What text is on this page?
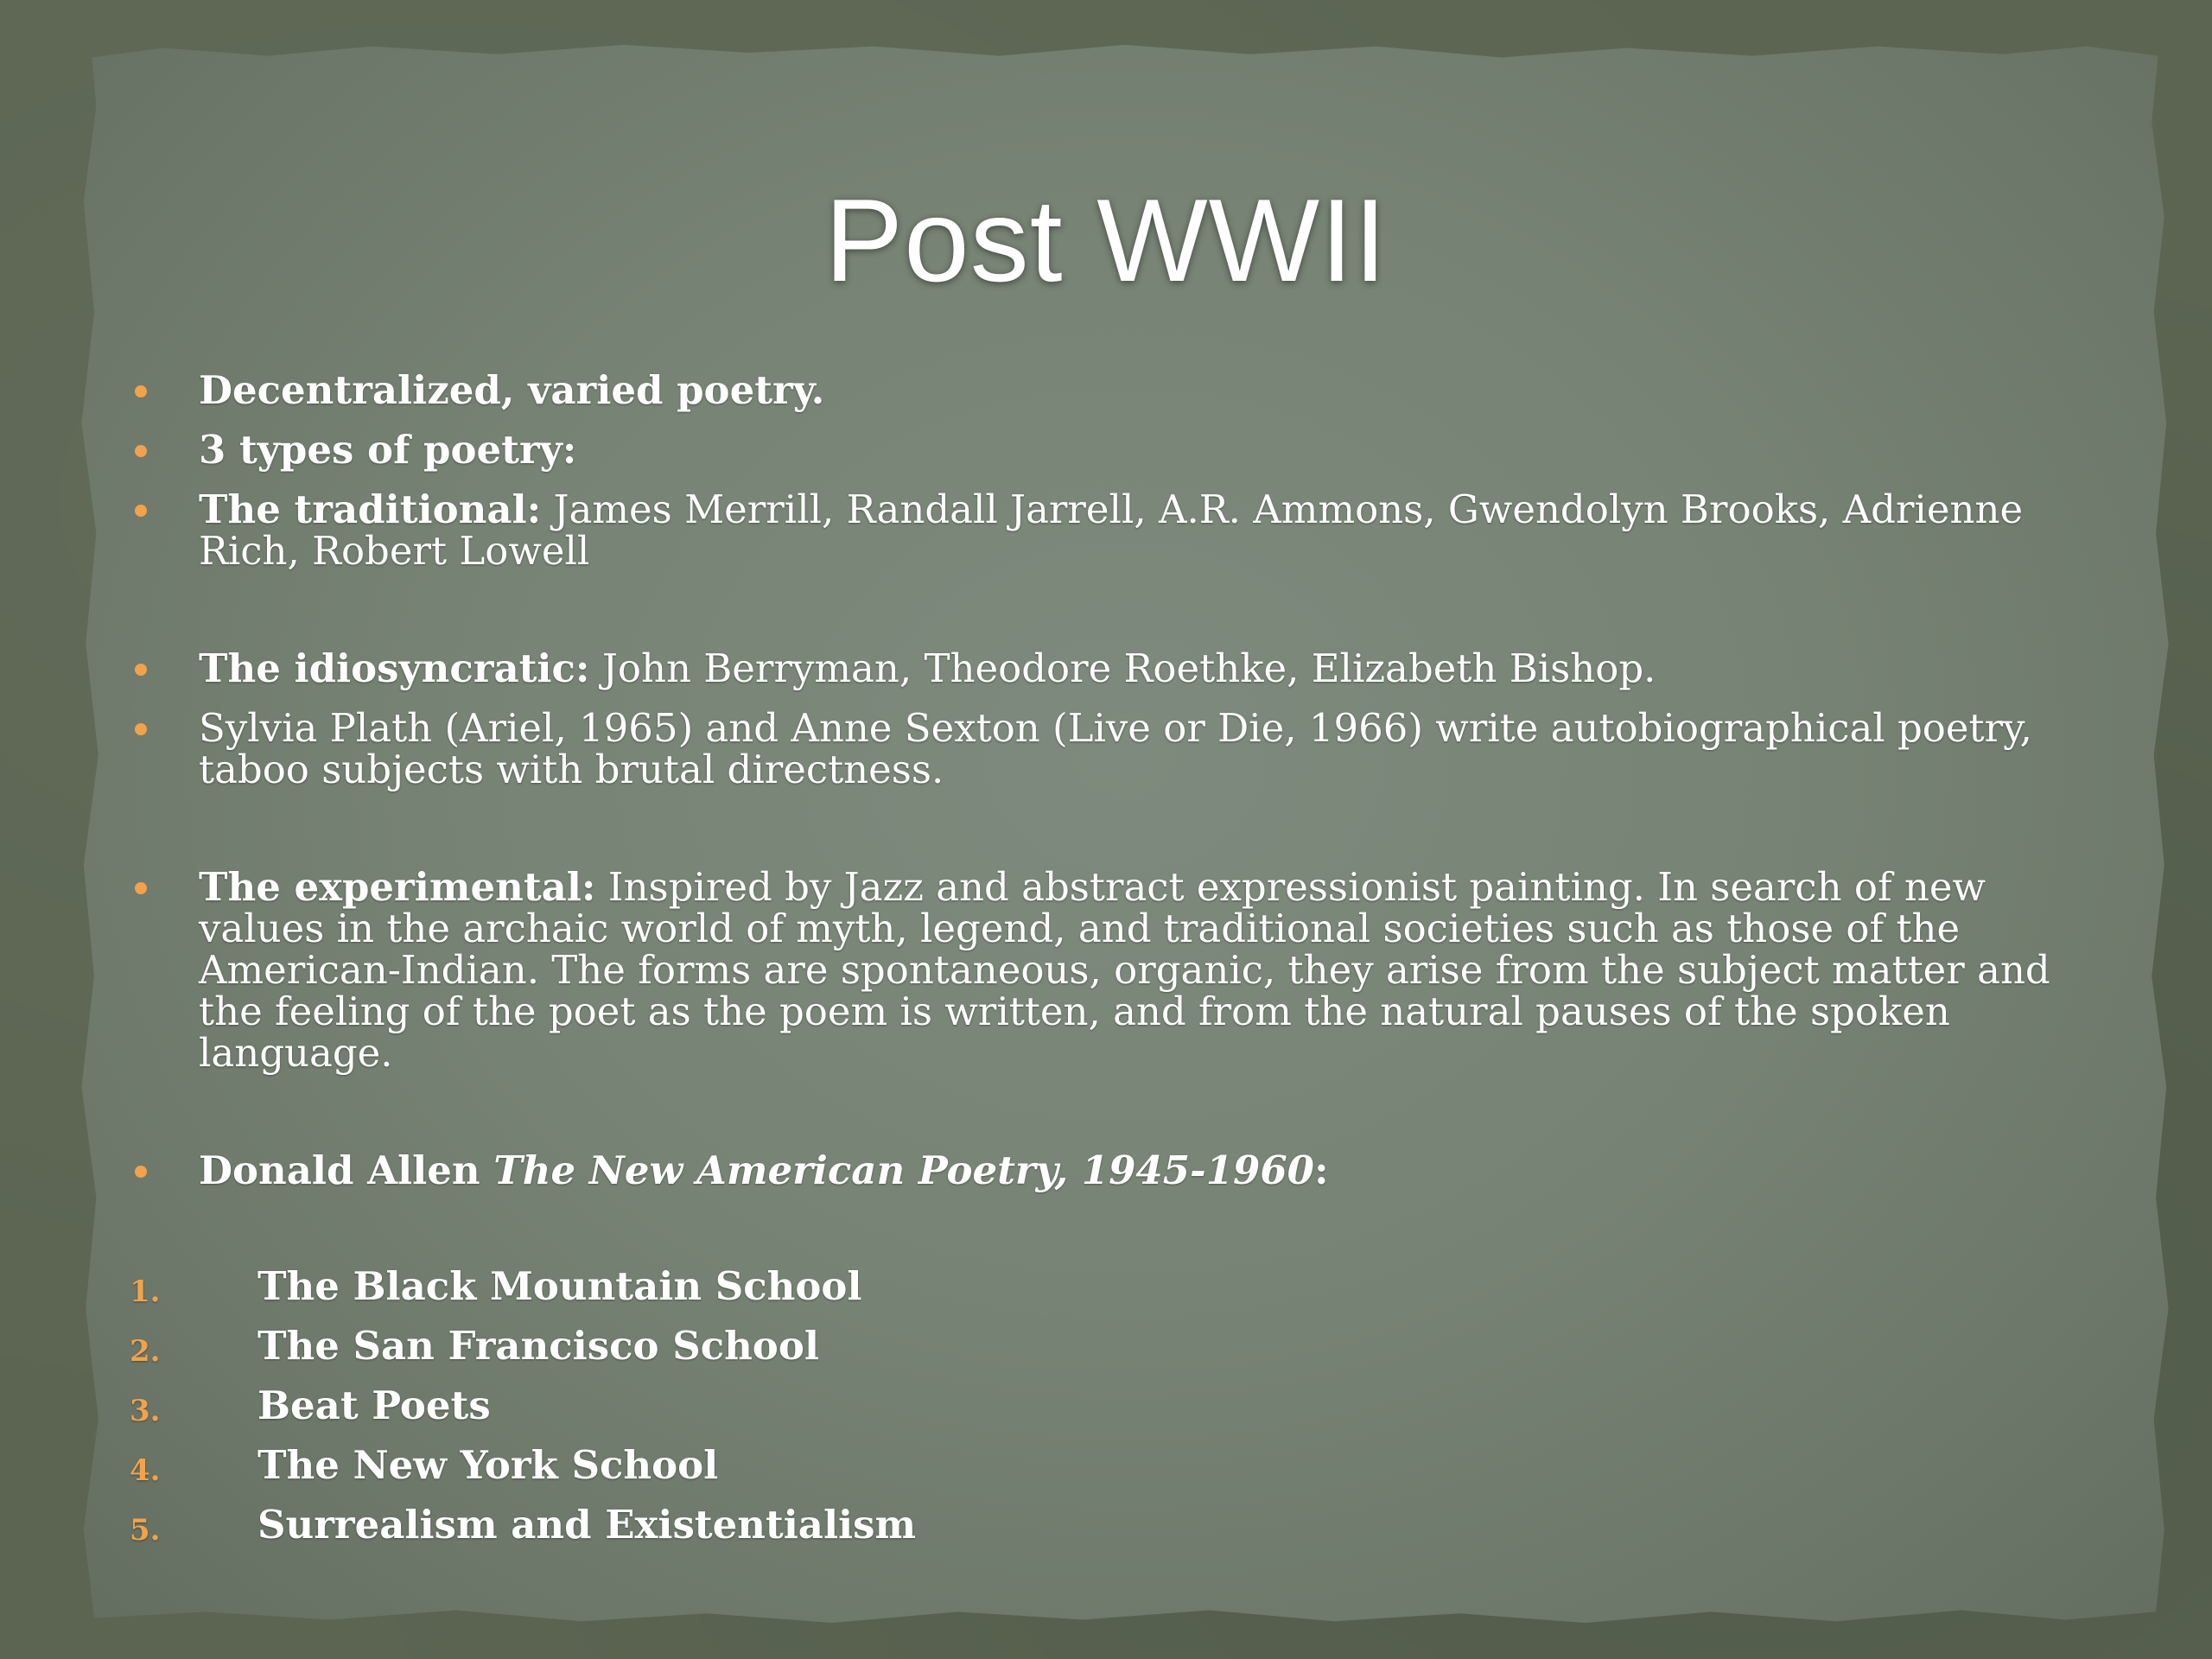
Post WWII
Decentralized, varied poetry.
3 types of poetry:
The traditional: James Merrill, Randall Jarrell, A.R. Ammons, Gwendolyn Brooks, Adrienne Rich, Robert Lowell
The idiosyncratic: John Berryman, Theodore Roethke, Elizabeth Bishop.
Sylvia Plath (Ariel, 1965) and Anne Sexton (Live or Die, 1966) write autobiographical poetry, taboo subjects with brutal directness.
The experimental: Inspired by Jazz and abstract expressionist painting. In search of new values in the archaic world of myth, legend, and traditional societies such as those of the American-Indian. The forms are spontaneous, organic, they arise from the subject matter and the feeling of the poet as the poem is written, and from the natural pauses of the spoken language.
Donald Allen The New American Poetry, 1945-1960:
1.	The Black Mountain School
2.	The San Francisco School
3.	Beat Poets
4.	The New York School
5.	Surrealism and Existentialism
